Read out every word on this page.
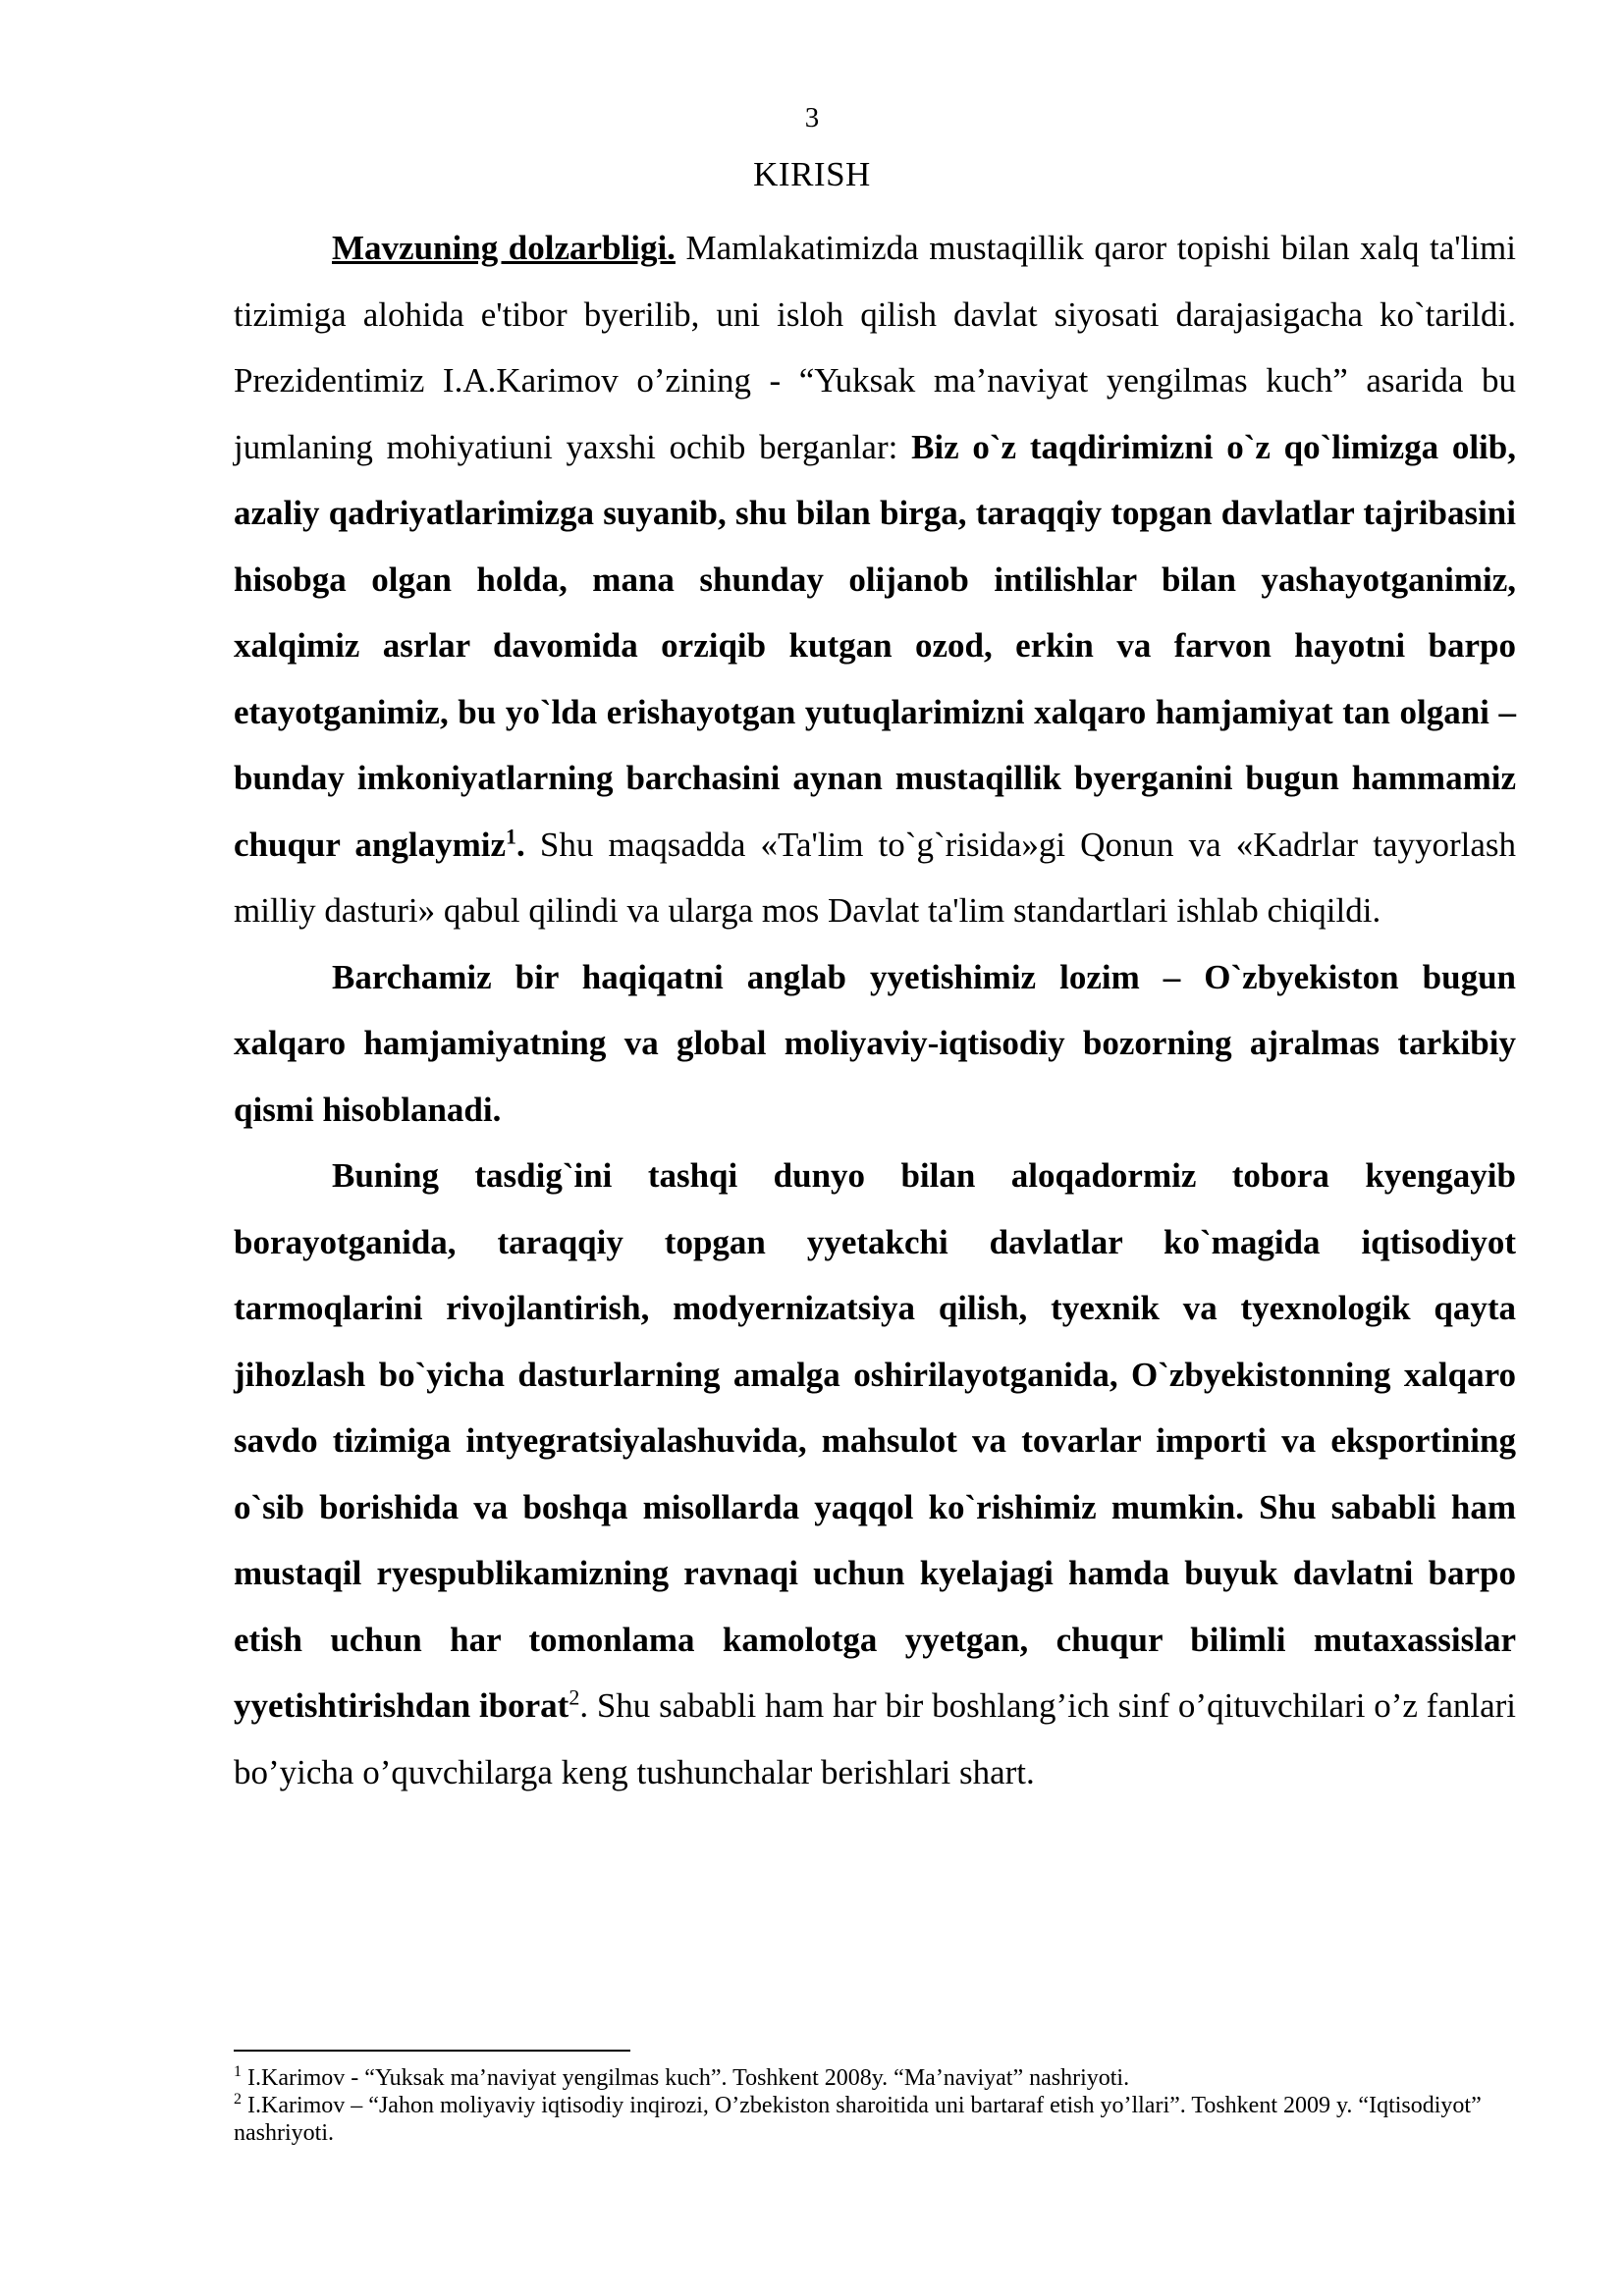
3
KIRISH

Mavzuning dolzarbligi. Mamlakatimizda mustaqillik qaror topishi bilan xalq ta'limi tizimiga alohida e'tibor byerilib, uni isloh qilish davlat siyosati darajasigacha ko`tarildi. Prezidentimiz I.A.Karimov o’zining - “Yuksak ma’naviyat yengilmas kuch” asarida bu jumlaning mohiyatiuni yaxshi ochib berganlar: Biz o`z taqdirimizni o`z qo`limizga olib, azaliy qadriyatlarimizga suyanib, shu bilan birga, taraqqiy topgan davlatlar tajribasini hisobga olgan holda, mana shunday olijanob intilishlar bilan yashayotganimiz, xalqimiz asrlar davomida orziqib kutgan ozod, erkin va farvon hayotni barpo etayotganimiz, bu yo`lda erishayotgan yutuqlarimizni xalqaro hamjamiyat tan olgani – bunday imkoniyatlarning barchasini aynan mustaqillik byerganini bugun hammamiz chuqur anglaymiz$^1$. Shu maqsadda «Ta'lim to`g`risida»gi Qonun va «Kadrlar tayyorlash milliy dasturi» qabul qilindi va ularga mos Davlat ta'lim standartlari ishlab chiqildi.

Barchamiz bir haqiqatni anglab yyetishimiz lozim – O`zbyekiston bugun xalqaro hamjamiyatning va global moliyaviy-iqtisodiy bozorning ajralmas tarkibiy qismi hisoblanadi.

Buning tasdig`ini tashqi dunyo bilan aloqadormiz tobora kyengayib borayotganida, taraqqiy topgan yyetakchi davlatlar ko`magida iqtisodiyot tarmoqlarini rivojlantirish, modyernizatsiya qilish, tyexnik va tyexnologik qayta jihozlash bo`yicha dasturlarning amalga oshirilayotganida, O`zbyekistonning xalqaro savdo tizimiga intyegratsiyalashuvida, mahsulot va tovarlar importi va eksportining o`sib borishida va boshqa misollarda yaqqol ko`rishimiz mumkin. Shu sababli ham mustaqil ryespublikamizning ravnaqi uchun kyelajagi hamda buyuk davlatni barpo etish uchun har tomonlama kamolotga yyetgan, chuqur bilimli mutaxassislar yyetishtirishdan iborat$^2$. Shu sababli ham har bir boshlang’ich sinf o’qituvchilari o’z fanlari bo’yicha o’quvchilarga keng tushunchalar berishlari shart.

$^1$ I.Karimov - “Yuksak ma’naviyat yengilmas kuch”. Toshkent 2008y. “Ma’naviyat” nashriyoti.

$^2$ I.Karimov – “Jahon moliyaviy iqtisodiy inqirozi, O’zbekiston sharoitida uni bartaraf etish yo’llari”. Toshkent 2009 y. “Iqtisodiyot” nashriyoti.
